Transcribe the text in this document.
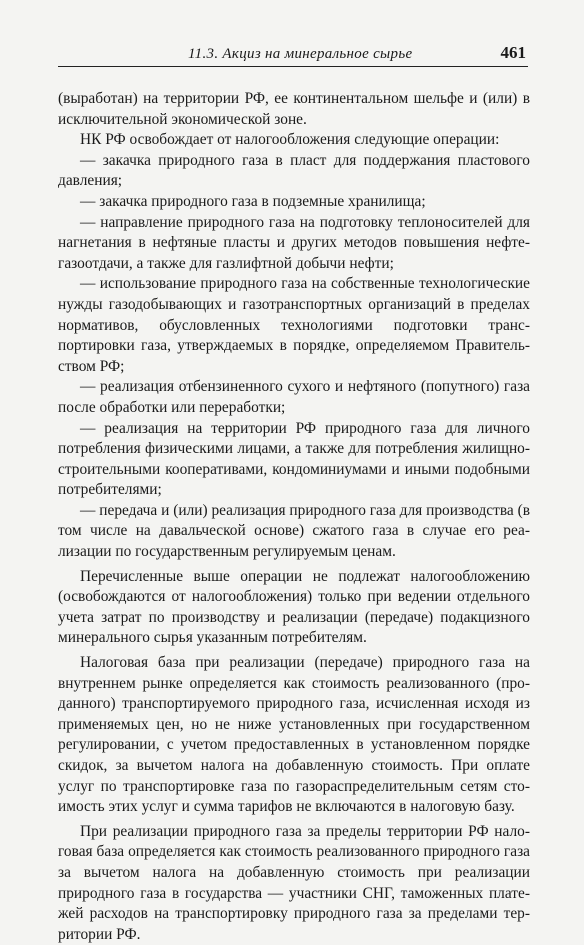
11.3. Акциз на минеральное сырье	461

(выработан) на территории РФ, ее континентальном шельфе и (или) в исключительной экономической зоне.

НК РФ освобождает от налогообложения следующие операции:

— закачка природного газа в пласт для поддержания пластового давления;

— закачка природного газа в подземные хранилища;

— направление природного газа на подготовку теплоносителей для нагнетания в нефтяные пласты и других методов повышения нефтегазоотдачи, а также для газлифтной добычи нефти;

— использование природного газа на собственные технологические нужды газодобывающих и газотранспортных организаций в пределах нормативов, обусловленных технологиями подготовки транспортировки газа, утверждаемых в порядке, определяемом Правительством РФ;

— реализация отбензиненного сухого и нефтяного (попутного) газа после обработки или переработки;

— реализация на территории РФ природного газа для личного потребления физическими лицами, а также для потребления жилищно-строительными кооперативами, кондоминиумами и иными подобными потребителями;

— передача и (или) реализация природного газа для производства (в том числе на давальческой основе) сжатого газа в случае его реализации по государственным регулируемым ценам.

Перечисленные выше операции не подлежат налогообложению (освобождаются от налогообложения) только при ведении отдельного учета затрат по производству и реализации (передаче) подакцизного минерального сырья указанным потребителям.

Налоговая база при реализации (передаче) природного газа на внутреннем рынке определяется как стоимость реализованного (проданного) транспортируемого природного газа, исчисленная исходя из применяемых цен, но не ниже установленных при государственном регулировании, с учетом предоставленных в установленном порядке скидок, за вычетом налога на добавленную стоимость. При оплате услуг по транспортировке газа по газораспределительным сетям стоимость этих услуг и сумма тарифов не включаются в налоговую базу.

При реализации природного газа за пределы территории РФ налоговая база определяется как стоимость реализованного природного газа за вычетом налога на добавленную стоимость при реализации природного газа в государства — участники СНГ, таможенных платежей расходов на транспортировку природного газа за пределами территории РФ.
